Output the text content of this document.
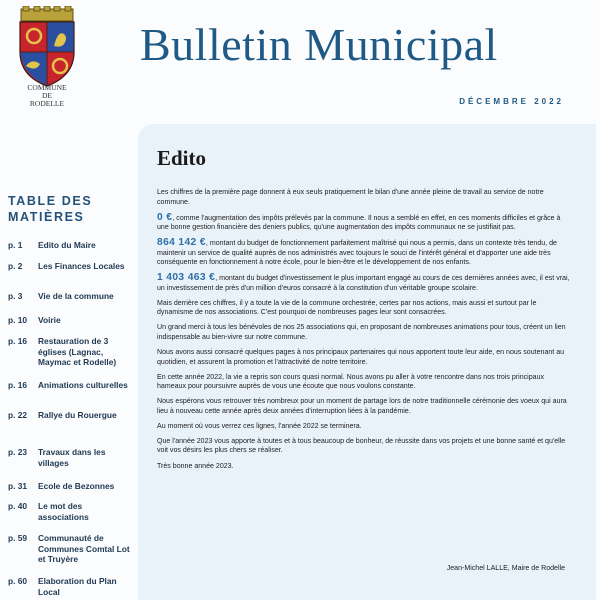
COMMUNE
DE
RODELLE
Bulletin Municipal
DÉCEMBRE 2022
TABLE DES
MATIÈRES
p. 1	Edito du Maire
p. 2	Les Finances Locales
p. 3	Vie de la commune
p. 10	Voirie
p. 16	Restauration de 3 églises (Lagnac, Maymac et Rodelle)
p. 16	Animations culturelles
p. 22	Rallye du Rouergue
p. 23	Travaux dans les villages
p. 31	Ecole de Bezonnes
p. 40	Le mot des associations
p. 59	Communauté de Communes Comtal Lot et Truyère
p. 60	Elaboration du Plan Local
Edito

Les chiffres de la première page donnent à eux seuls pratiquement le bilan d'une année pleine de travail au service de notre commune.

0 €, comme l'augmentation des impôts prélevés par la commune. Il nous a semblé en effet, en ces moments difficiles et grâce à une bonne gestion financière des deniers publics, qu'une augmentation des impôts communaux ne se justifiait pas.

864 142 €, montant du budget de fonctionnement parfaitement maîtrisé qui nous a permis, dans un contexte très tendu, de maintenir un service de qualité auprès de nos administrés avec toujours le souci de l'intérêt général et d'apporter une aide très conséquente en fonctionnement à notre école, pour le bien-être et le développement de nos enfants.

1 403 463 €, montant du budget d'investissement le plus important engagé au cours de ces dernières années avec, il est vrai, un investissement de près d'un million d'euros consacré à la constitution d'un véritable groupe scolaire.

Mais derrière ces chiffres, il y a toute la vie de la commune orchestrée, certes par nos actions, mais aussi et surtout par le dynamisme de nos associations. C'est pourquoi de nombreuses pages leur sont consacrées.

Un grand merci à tous les bénévoles de nos 25 associations qui, en proposant de nombreuses animations pour tous, créent un lien indispensable au bien-vivre sur notre commune.

Nous avons aussi consacré quelques pages à nos principaux partenaires qui nous apportent toute leur aide, en nous soutenant au quotidien, et assurent la promotion et l'attractivité de notre territoire.

En cette année 2022, la vie a repris son cours quasi normal. Nous avons pu aller à votre rencontre dans nos trois principaux hameaux pour poursuivre auprès de vous une écoute que nous voulons constante.

Nous espérons vous retrouver très nombreux pour un moment de partage lors de notre traditionnelle cérémonie des voeux qui aura lieu à nouveau cette année après deux années d'interruption liées à la pandémie.

Au moment où vous verrez ces lignes, l'année 2022 se terminera.

Que l'année 2023 vous apporte à toutes et à tous beaucoup de bonheur, de réussite dans vos projets et une bonne santé et qu'elle voit vos désirs les plus chers se réaliser.

Très bonne année 2023.

Jean-Michel LALLE, Maire de Rodelle
